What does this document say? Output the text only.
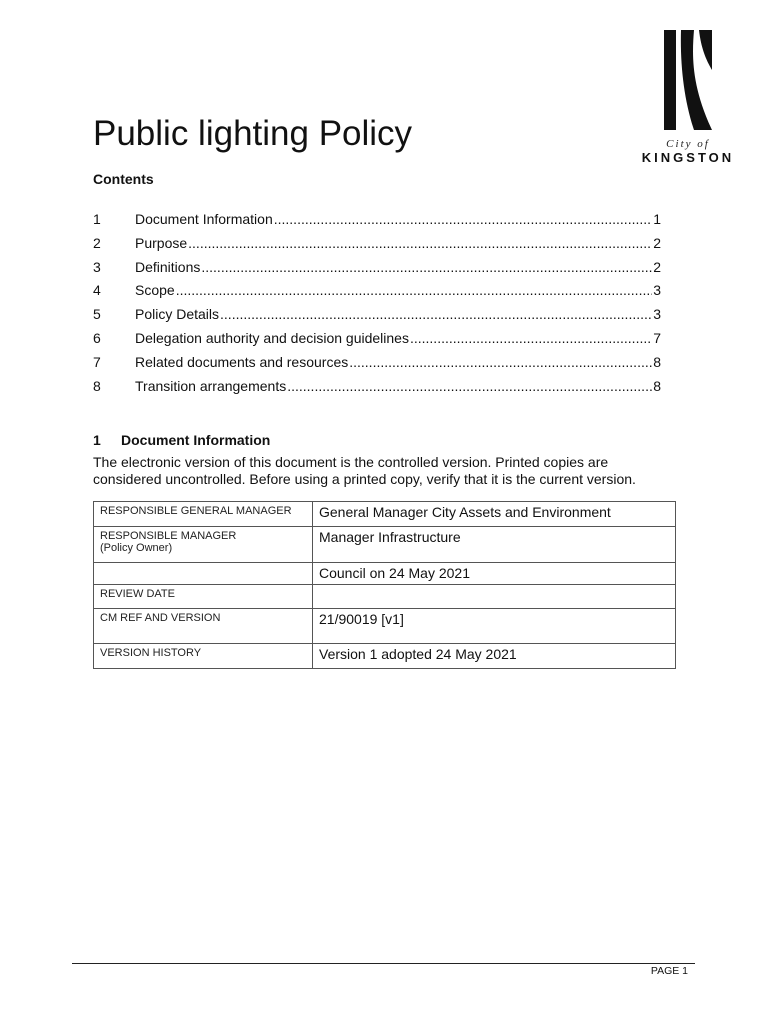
City of
KINGSTON
Public lighting Policy
Contents
1	Document Information .....	1
2	Purpose .....	2
3	Definitions .....	2
4	Scope .....	3
5	Policy Details .....	3
6	Delegation authority and decision guidelines .....	7
7	Related documents and resources .....	8
8	Transition arrangements .....	8
1 Document Information

The electronic version of this document is the controlled version. Printed copies are considered uncontrolled. Before using a printed copy, verify that it is the current version.

RESPONSIBLE GENERAL MANAGER	General Manager City Assets and Environment
RESPONSIBLE MANAGER
(Policy Owner)	Manager Infrastructure
	Council on 24 May 2021
REVIEW DATE	
CM REF AND VERSION	21/90019 [v1]
VERSION HISTORY	Version 1 adopted 24 May 2021
PAGE 1
